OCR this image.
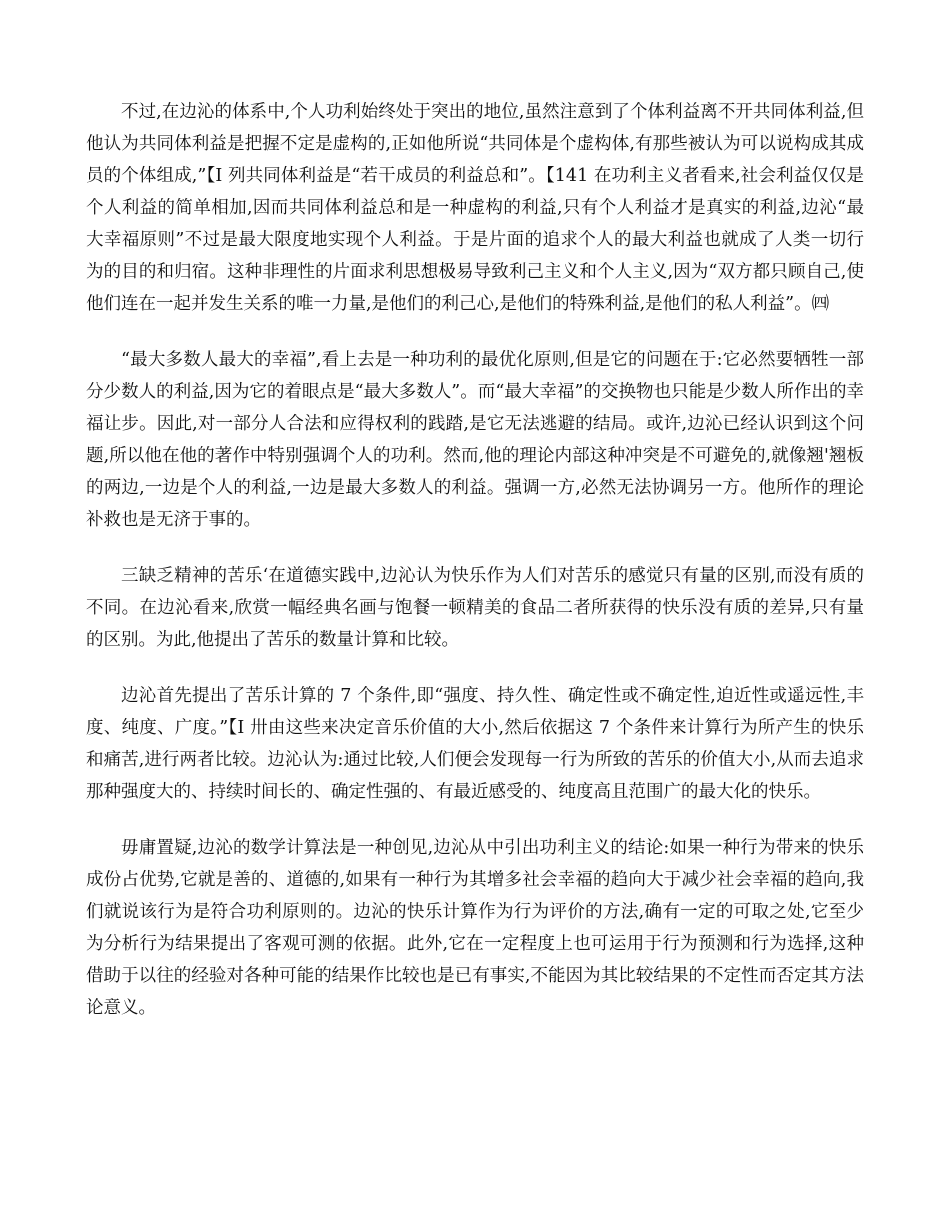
不过,在边沁的体系中,个人功利始终处于突出的地位,虽然注意到了个体利益离不开共同体利益,但他认为共同体利益是把握不定是虚构的,正如他所说“共同体是个虚构体,有那些被认为可以说构成其成员的个体组成,”【I 列共同体利益是“若干成员的利益总和”。【141 在功利主义者看来,社会利益仅仅是个人利益的简单相加,因而共同体利益总和是一种虚构的利益,只有个人利益才是真实的利益,边沁“最大幸福原则”不过是最大限度地实现个人利益。于是片面的追求个人的最大利益也就成了人类一切行为的目的和归宿。这种非理性的片面求利思想极易导致利己主义和个人主义,因为“双方都只顾自己,使他们连在一起并发生关系的唯一力量,是他们的利己心,是他们的特殊利益,是他们的私人利益”。㈣

“最大多数人最大的幸福”,看上去是一种功利的最优化原则,但是它的问题在于:它必然要牺牲一部分少数人的利益,因为它的着眼点是“最大多数人”。而“最大幸福”的交换物也只能是少数人所作出的幸福让步。因此,对一部分人合法和应得权利的践踏,是它无法逃避的结局。或许,边沁已经认识到这个问题,所以他在他的著作中特别强调个人的功利。然而,他的理论内部这种冲突是不可避免的,就像翘'翘板的两边,一边是个人的利益,一边是最大多数人的利益。强调一方,必然无法协调另一方。他所作的理论补救也是无济于事的。

三缺乏精神的苦乐‘在道德实践中,边沁认为快乐作为人们对苦乐的感觉只有量的区别,而没有质的不同。在边沁看来,欣赏一幅经典名画与饱餐一顿精美的食品二者所获得的快乐没有质的差异,只有量的区别。为此,他提出了苦乐的数量计算和比较。

边沁首先提出了苦乐计算的 7 个条件,即“强度、持久性、确定性或不确定性,迫近性或遥远性,丰度、纯度、广度。”【I 卅由这些来决定音乐价值的大小,然后依据这 7 个条件来计算行为所产生的快乐和痛苦,进行两者比较。边沁认为:通过比较,人们便会发现每一行为所致的苦乐的价值大小,从而去追求那种强度大的、持续时间长的、确定性强的、有最近感受的、纯度高且范围广的最大化的快乐。

毋庸置疑,边沁的数学计算法是一种创见,边沁从中引出功利主义的结论:如果一种行为带来的快乐成份占优势,它就是善的、道德的,如果有一种行为其增多社会幸福的趋向大于减少社会幸福的趋向,我们就说该行为是符合功利原则的。边沁的快乐计算作为行为评价的方法,确有一定的可取之处,它至少为分析行为结果提出了客观可测的依据。此外,它在一定程度上也可运用于行为预测和行为选择,这种借助于以往的经验对各种可能的结果作比较也是已有事实,不能因为其比较结果的不定性而否定其方法论意义。
